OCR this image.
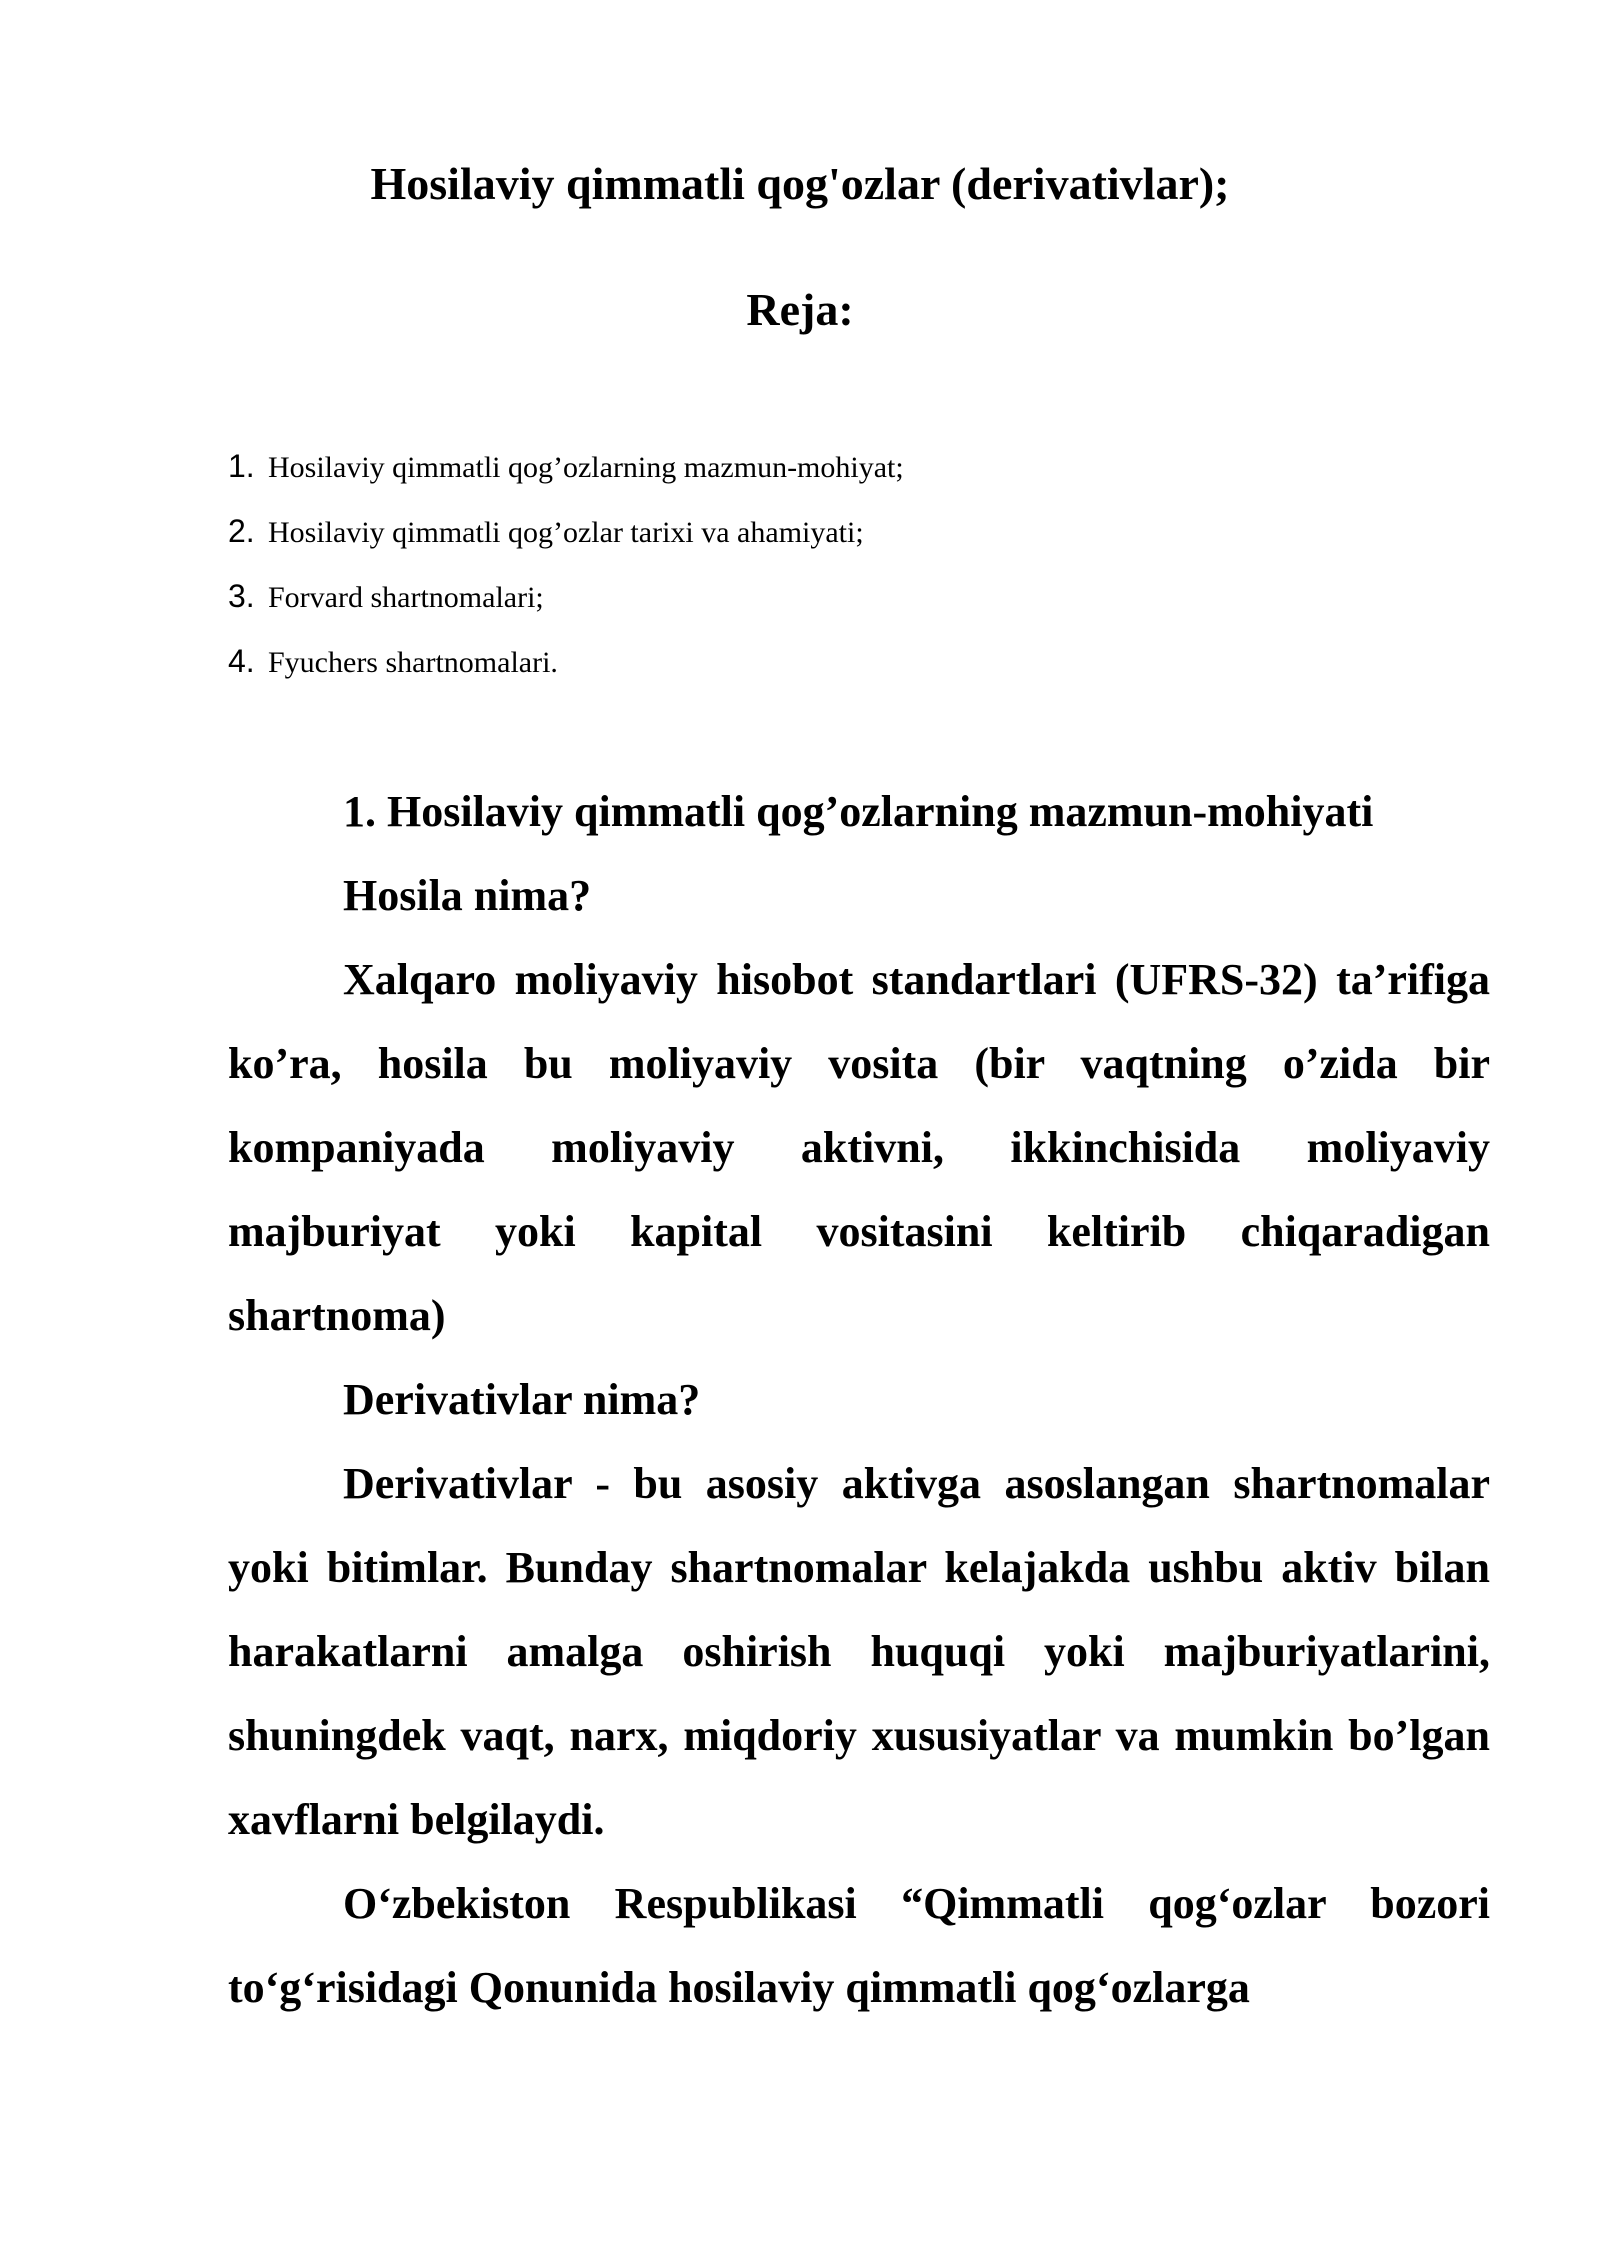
Hosilaviy qimmatli qog'ozlar (derivativlar);
Reja:
1. Hosilaviy qimmatli qog’ozlarning mazmun-mohiyat;
2. Hosilaviy qimmatli qog’ozlar tarixi va ahamiyati;
3. Forvard shartnomalari;
4. Fyuchers shartnomalari.

1. Hosilaviy qimmatli qog’ozlarning mazmun-mohiyati

Hosila nima?

Xalqaro moliyaviy hisobot standartlari (UFRS-32) ta’rifiga ko’ra, hosila bu moliyaviy vosita (bir vaqtning o’zida bir kompaniyada moliyaviy aktivni, ikkinchisida moliyaviy majburiyat yoki kapital vositasini keltirib chiqaradigan shartnoma)

Derivativlar nima?

Derivativlar - bu asosiy aktivga asoslangan shartnomalar yoki bitimlar. Bunday shartnomalar kelajakda ushbu aktiv bilan harakatlarni amalga oshirish huquqi yoki majburiyatlarini, shuningdek vaqt, narx, miqdoriy xususiyatlar va mumkin bo’lgan xavflarni belgilaydi.

O‘zbekiston Respublikasi “Qimmatli qog‘ozlar bozori to‘g‘risidagi Qonunida hosilaviy qimmatli qog‘ozlarga
